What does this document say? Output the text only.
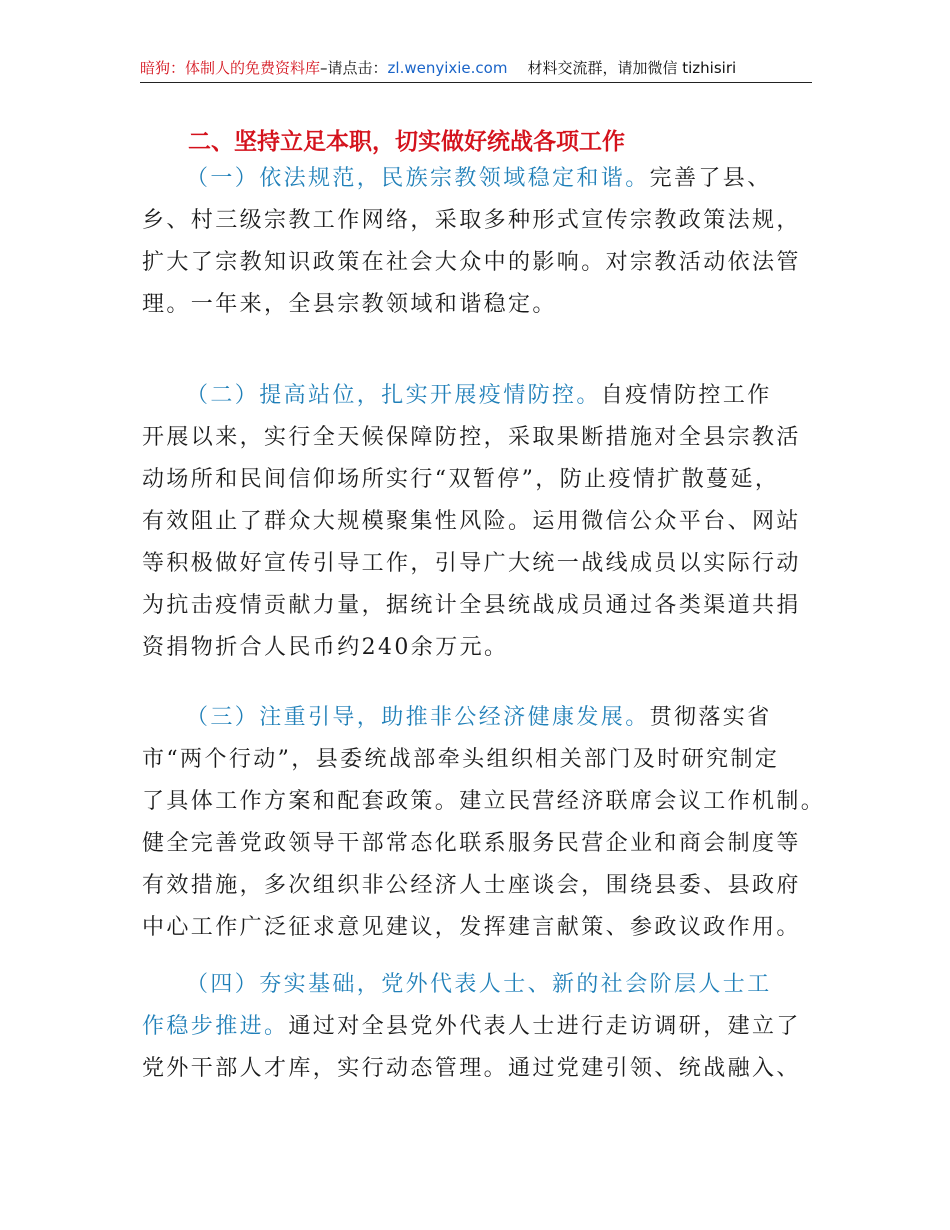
暗狗：体制人的免费资料库–请点击：zl.wenyixie.com 材料交流群，请加微信 tizhisiri
二、坚持立足本职，切实做好统战各项工作
（一）依法规范，民族宗教领域稳定和谐。完善了县、
乡、村三级宗教工作网络，采取多种形式宣传宗教政策法规，
扩大了宗教知识政策在社会大众中的影响。对宗教活动依法管
理。一年来，全县宗教领域和谐稳定。
（二）提高站位，扎实开展疫情防控。自疫情防控工作
开展以来，实行全天候保障防控，采取果断措施对全县宗教活
动场所和民间信仰场所实行“双暂停”，防止疫情扩散蔓延，
有效阻止了群众大规模聚集性风险。运用微信公众平台、网站
等积极做好宣传引导工作，引导广大统一战线成员以实际行动
为抗击疫情贡献力量，据统计全县统战成员通过各类渠道共捐
资捐物折合人民币约240余万元。
（三）注重引导，助推非公经济健康发展。贯彻落实省
市“两个行动”，县委统战部牵头组织相关部门及时研究制定
了具体工作方案和配套政策。建立民营经济联席会议工作机制。
健全完善党政领导干部常态化联系服务民营企业和商会制度等
有效措施，多次组织非公经济人士座谈会，围绕县委、县政府
中心工作广泛征求意见建议，发挥建言献策、参政议政作用。
（四）夯实基础，党外代表人士、新的社会阶层人士工
作稳步推进。通过对全县党外代表人士进行走访调研，建立了
党外干部人才库，实行动态管理。通过党建引领、统战融入、
